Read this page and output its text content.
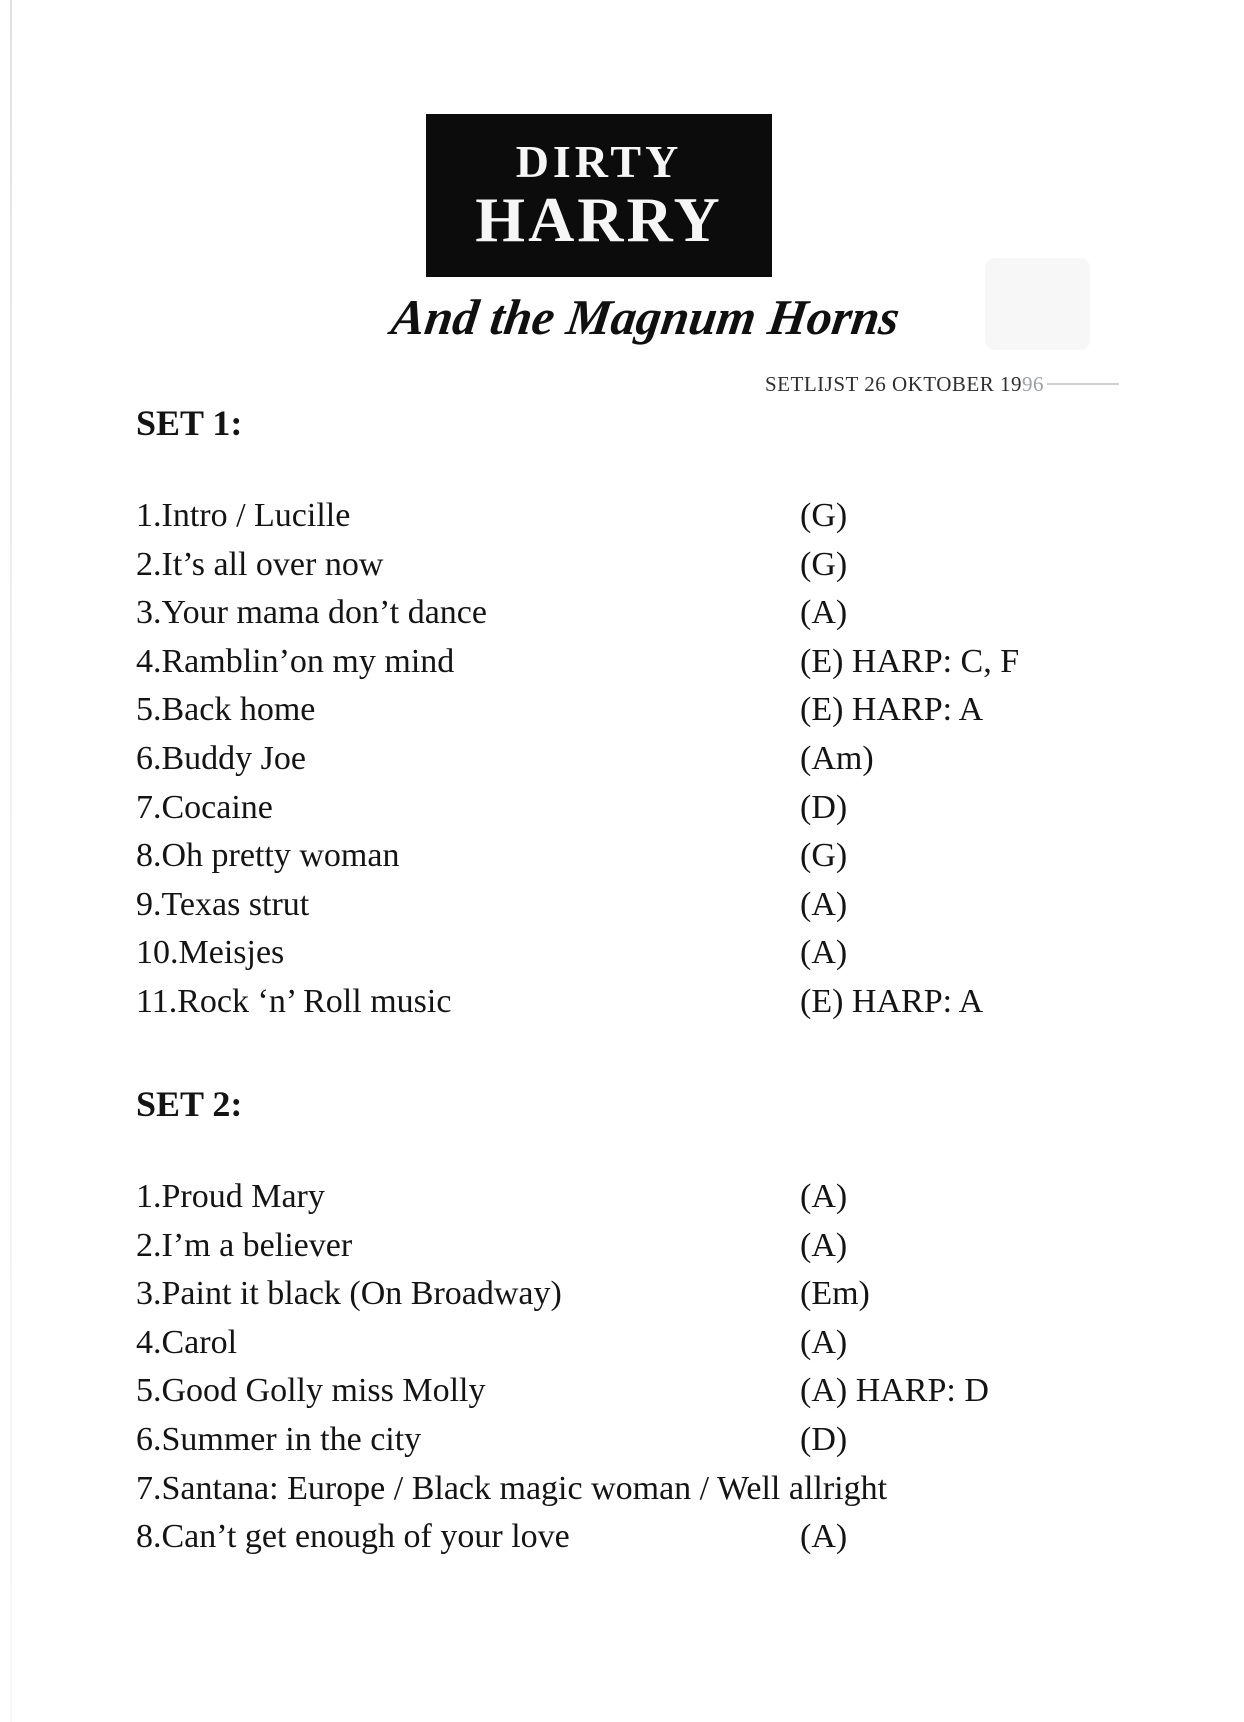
DIRTY
HARRY
And the Magnum Horns
SETLIJST 26 OKTOBER 1996
SET 1:
1.Intro / Lucille	(G)
2.It’s all over now	(G)
3.Your mama don’t dance	(A)
4.Ramblin’on my mind	(E) HARP: C, F
5.Back home	(E) HARP: A
6.Buddy Joe	(Am)
7.Cocaine	(D)
8.Oh pretty woman	(G)
9.Texas strut	(A)
10.Meisjes	(A)
11.Rock ‘n’ Roll music	(E) HARP: A
SET 2:
1.Proud Mary	(A)
2.I’m a believer	(A)
3.Paint it black (On Broadway)	(Em)
4.Carol	(A)
5.Good Golly miss Molly	(A) HARP: D
6.Summer in the city	(D)
7.Santana: Europe / Black magic woman / Well allright
8.Can’t get enough of your love	(A)
